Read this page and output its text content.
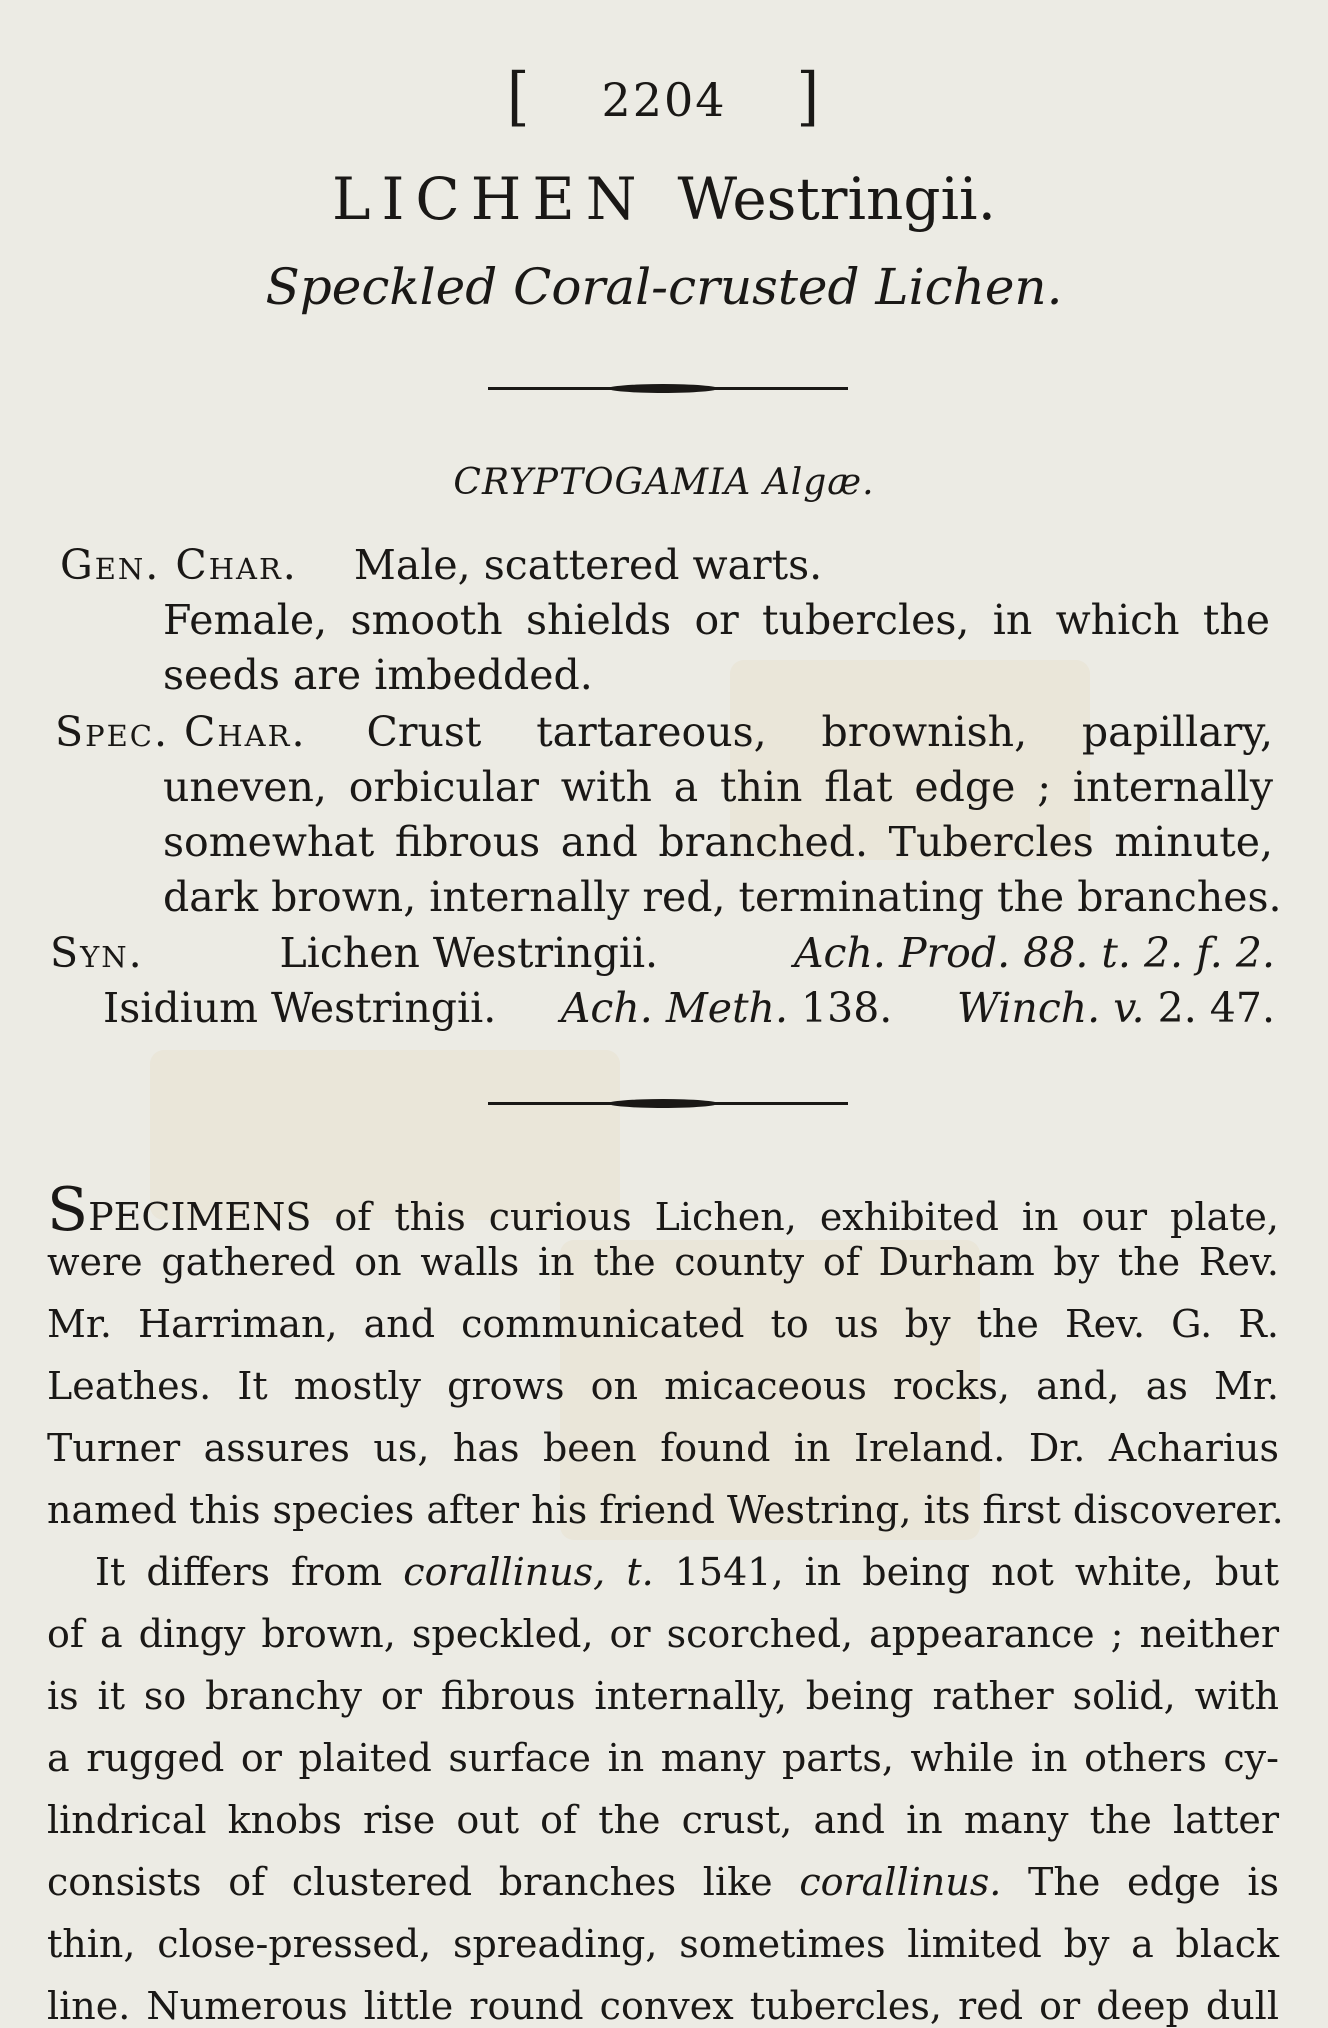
[ 2204 ]
LICHEN Westringii.
Speckled Coral-crusted Lichen.
CRYPTOGAMIA Algæ.
Gen. Char. Male, scattered warts.
Female, smooth shields or tubercles, in which the
seeds are imbedded.
Spec. Char. Crust tartareous, brownish, papillary,
uneven, orbicular with a thin flat edge ; internally
somewhat fibrous and branched. Tubercles minute,
dark brown, internally red, terminating the branches.
Syn.	Lichen Westringii.	Ach. Prod. 88. t. 2. f. 2.
Isidium Westringii. Ach. Meth. 138. Winch. v. 2. 47.
SPECIMENS of this curious Lichen, exhibited in our plate,
were gathered on walls in the county of Durham by the Rev.
Mr. Harriman, and communicated to us by the Rev. G. R.
Leathes. It mostly grows on micaceous rocks, and, as Mr.
Turner assures us, has been found in Ireland. Dr. Acharius
named this species after his friend Westring, its first discoverer.
It differs from corallinus, t. 1541, in being not white, but
of a dingy brown, speckled, or scorched, appearance ; neither
is it so branchy or fibrous internally, being rather solid, with
a rugged or plaited surface in many parts, while in others cy-
lindrical knobs rise out of the crust, and in many the latter
consists of clustered branches like corallinus. The edge is
thin, close-pressed, spreading, sometimes limited by a black
line. Numerous little round convex tubercles, red or deep dull
